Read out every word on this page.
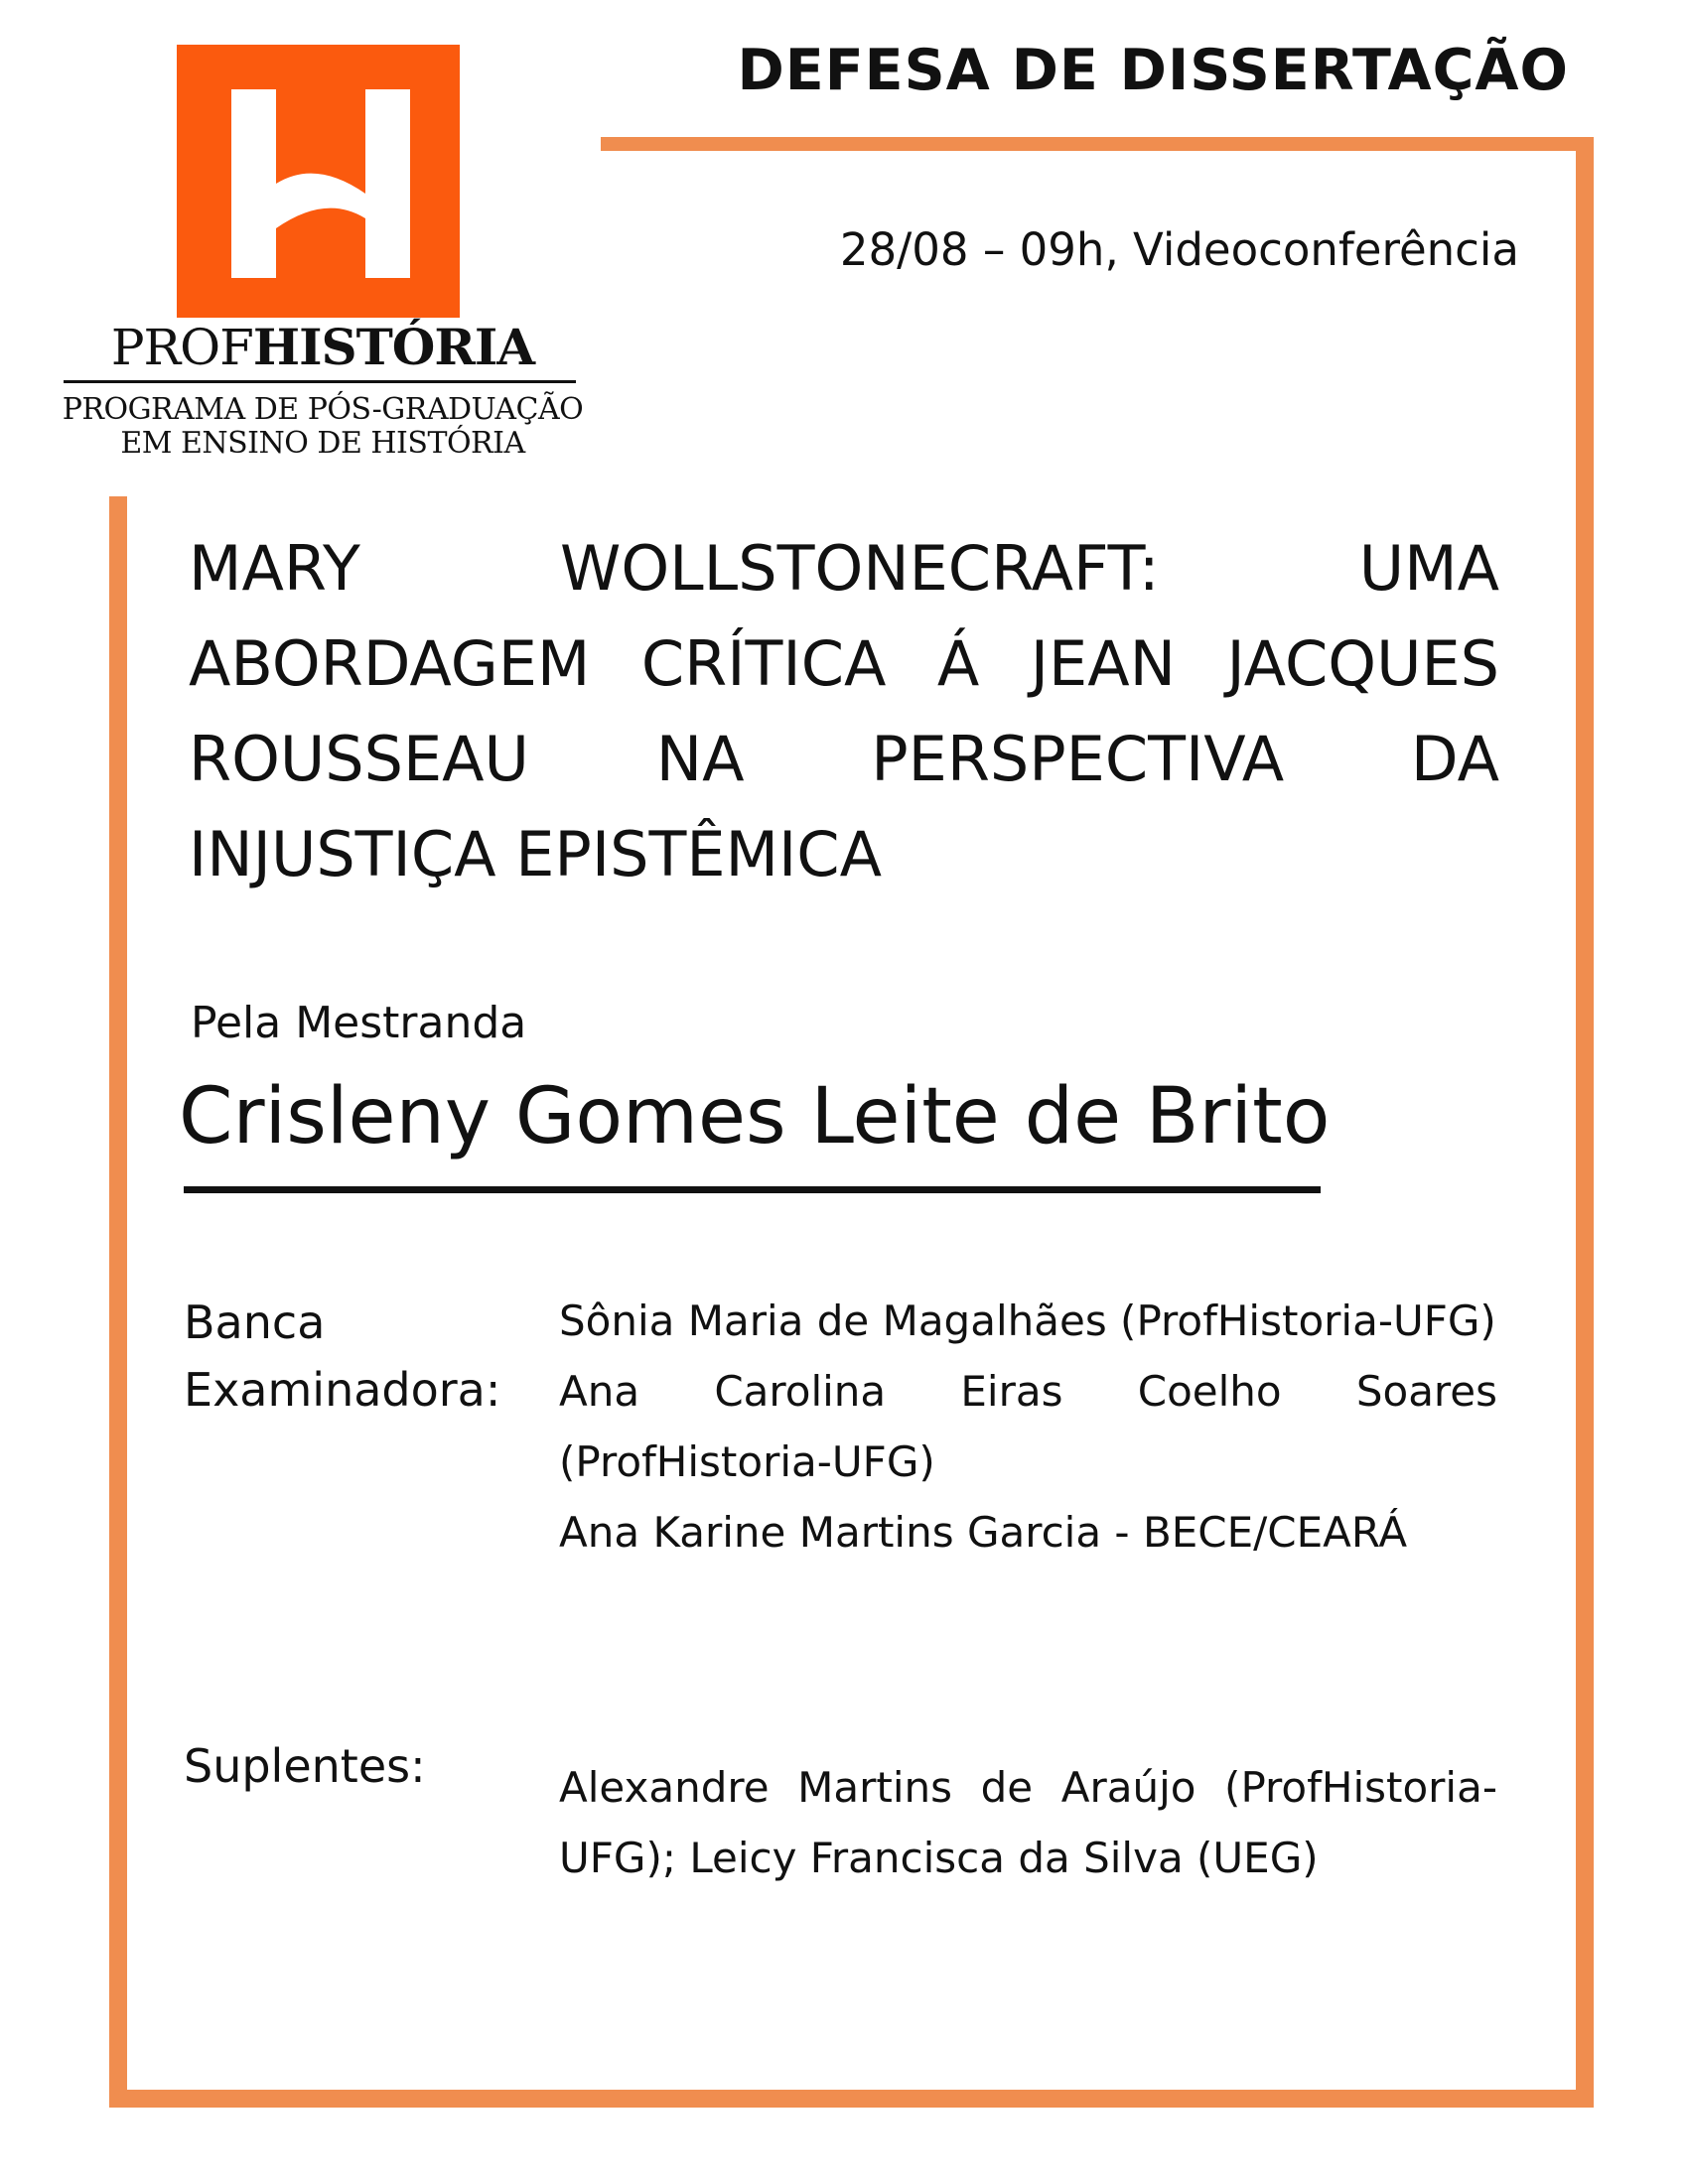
PROFHISTÓRIA
PROGRAMA DE PÓS-GRADUAÇÃO
EM ENSINO DE HISTÓRIA
DEFESA DE DISSERTAÇÃO
28/08 – 09h, Videoconferência
MARY WOLLSTONECRAFT: UMA ABORDAGEM CRÍTICA Á JEAN JACQUES ROUSSEAU NA PERSPECTIVA DA INJUSTIÇA EPISTÊMICA
Pela Mestranda
Crisleny Gomes Leite de Brito
Banca Examinadora:

Sônia Maria de Magalhães (ProfHistoria-UFG)

Ana Carolina Eiras Coelho Soares (ProfHistoria-UFG)

Ana Karine Martins Garcia - BECE/CEARÁ

Suplentes:	Alexandre Martins de Araújo (ProfHistoria-UFG); Leicy Francisca da Silva (UEG)
